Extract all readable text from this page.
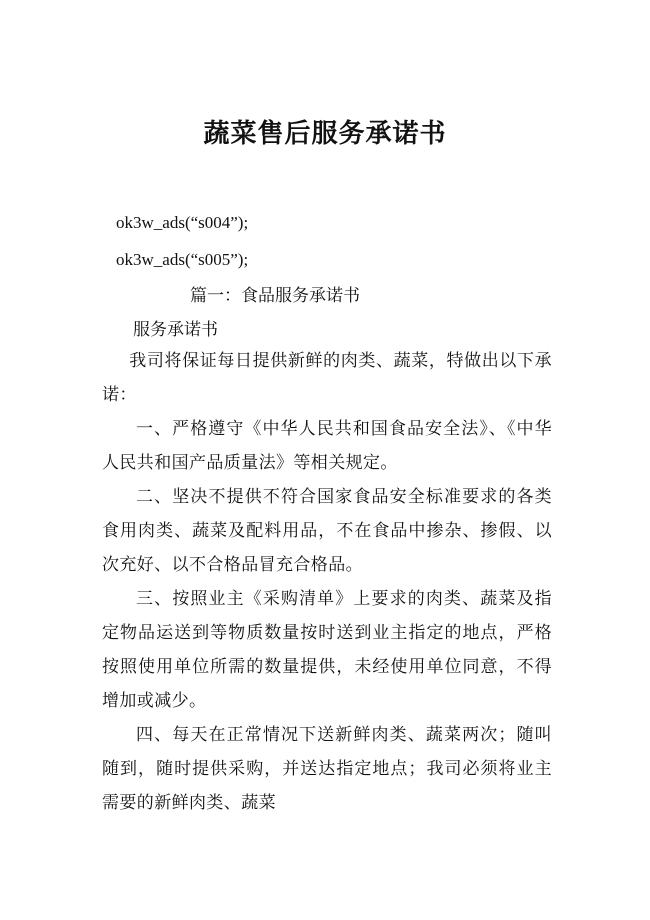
蔬菜售后服务承诺书
ok3w_ads(“s004”);
ok3w_ads(“s005”);
篇一：食品服务承诺书
服务承诺书

我司将保证每日提供新鲜的肉类、蔬菜，特做出以下承诺：

一、严格遵守《中华人民共和国食品安全法》、《中华人民共和国产品质量法》等相关规定。

二、坚决不提供不符合国家食品安全标准要求的各类食用肉类、蔬菜及配料用品，不在食品中掺杂、掺假、以次充好、以不合格品冒充合格品。

三、按照业主《采购清单》上要求的肉类、蔬菜及指定物品运送到等物质数量按时送到业主指定的地点，严格按照使用单位所需的数量提供，未经使用单位同意，不得增加或减少。

四、每天在正常情况下送新鲜肉类、蔬菜两次；随叫随到，随时提供采购，并送达指定地点；我司必须将业主需要的新鲜肉类、蔬菜
